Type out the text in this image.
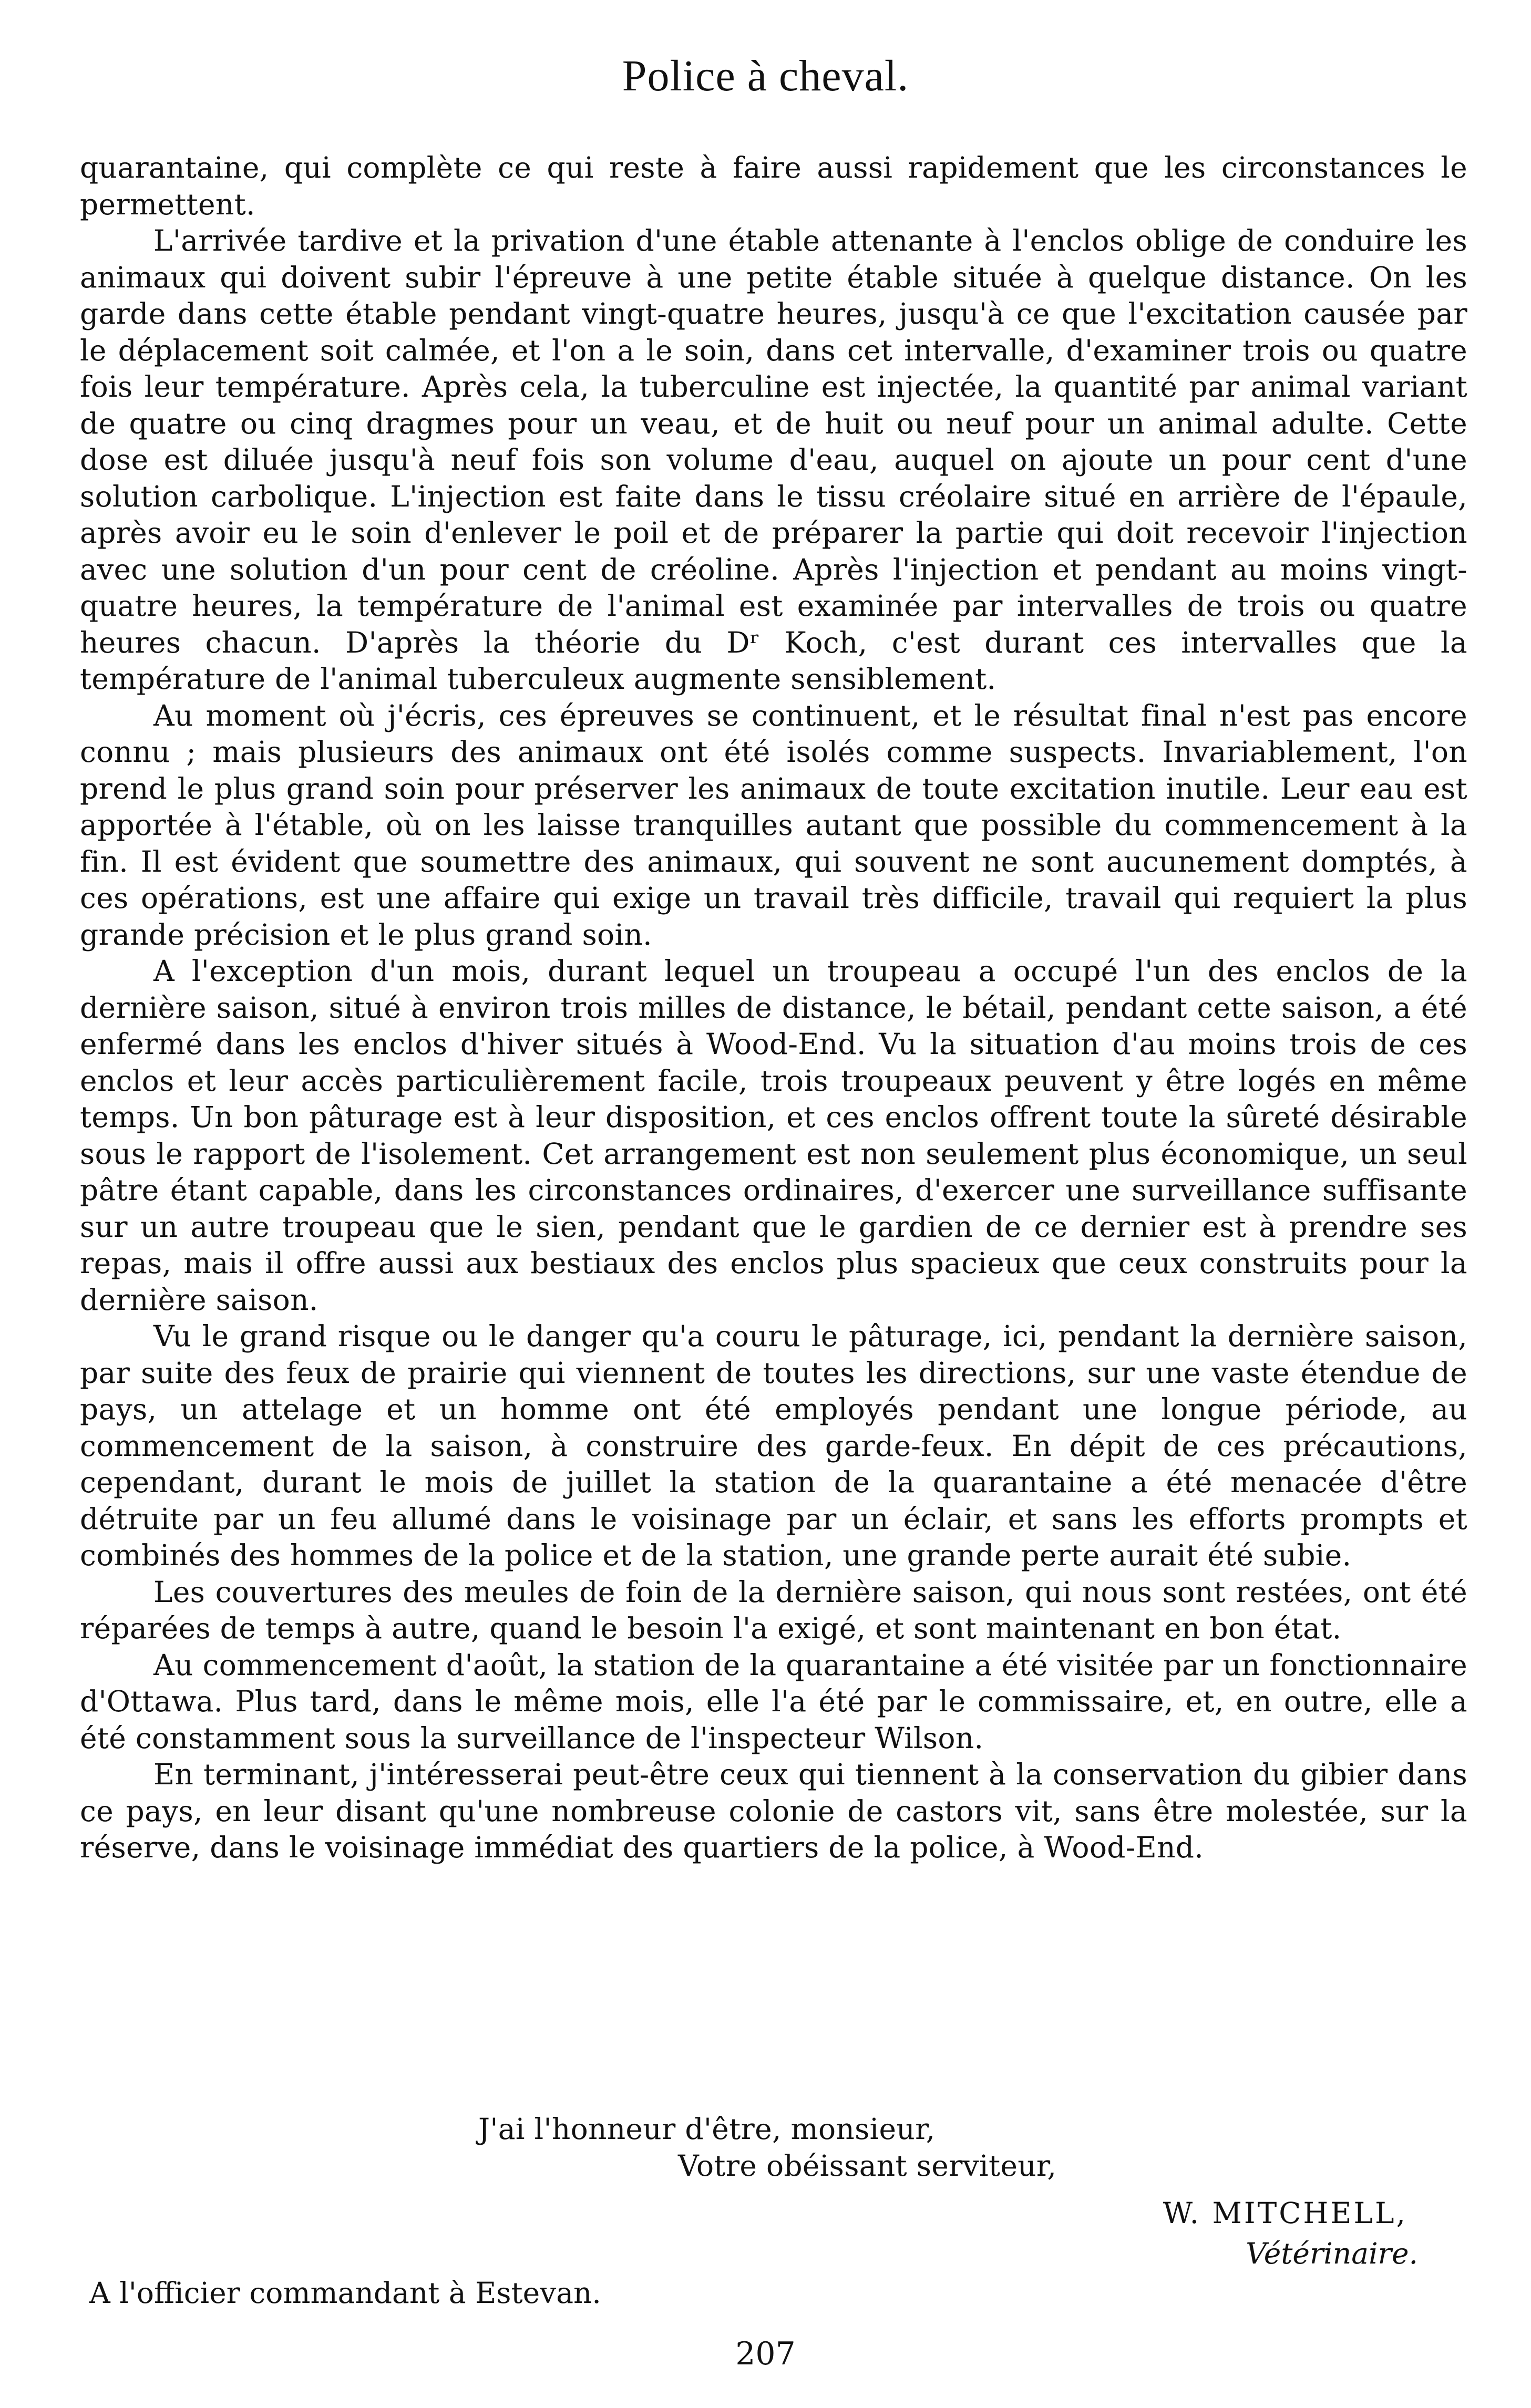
Police à cheval.

quarantaine, qui complète ce qui reste à faire aussi rapidement que les circonstances le permettent.

L'arrivée tardive et la privation d'une étable attenante à l'enclos oblige de conduire les animaux qui doivent subir l'épreuve à une petite étable située à quelque distance. On les garde dans cette étable pendant vingt-quatre heures, jusqu'à ce que l'excitation causée par le déplacement soit calmée, et l'on a le soin, dans cet intervalle, d'examiner trois ou quatre fois leur température. Après cela, la tuberculine est injectée, la quantité par animal variant de quatre ou cinq dragmes pour un veau, et de huit ou neuf pour un animal adulte. Cette dose est diluée jusqu'à neuf fois son volume d'eau, auquel on ajoute un pour cent d'une solution carbolique. L'injection est faite dans le tissu créolaire situé en arrière de l'épaule, après avoir eu le soin d'enlever le poil et de préparer la partie qui doit recevoir l'injection avec une solution d'un pour cent de créoline. Après l'injection et pendant au moins vingt-quatre heures, la température de l'animal est examinée par intervalles de trois ou quatre heures chacun. D'après la théorie du Dʳ Koch, c'est durant ces intervalles que la température de l'animal tuberculeux augmente sensiblement.

Au moment où j'écris, ces épreuves se continuent, et le résultat final n'est pas encore connu ; mais plusieurs des animaux ont été isolés comme suspects. Invariablement, l'on prend le plus grand soin pour préserver les animaux de toute excitation inutile. Leur eau est apportée à l'étable, où on les laisse tranquilles autant que possible du commencement à la fin. Il est évident que soumettre des animaux, qui souvent ne sont aucunement domptés, à ces opérations, est une affaire qui exige un travail très difficile, travail qui requiert la plus grande précision et le plus grand soin.

A l'exception d'un mois, durant lequel un troupeau a occupé l'un des enclos de la dernière saison, situé à environ trois milles de distance, le bétail, pendant cette saison, a été enfermé dans les enclos d'hiver situés à Wood-End. Vu la situation d'au moins trois de ces enclos et leur accès particulièrement facile, trois troupeaux peuvent y être logés en même temps. Un bon pâturage est à leur disposition, et ces enclos offrent toute la sûreté désirable sous le rapport de l'isolement. Cet arrangement est non seulement plus économique, un seul pâtre étant capable, dans les circonstances ordinaires, d'exercer une surveillance suffisante sur un autre troupeau que le sien, pendant que le gardien de ce dernier est à prendre ses repas, mais il offre aussi aux bestiaux des enclos plus spacieux que ceux construits pour la dernière saison.

Vu le grand risque ou le danger qu'a couru le pâturage, ici, pendant la dernière saison, par suite des feux de prairie qui viennent de toutes les directions, sur une vaste étendue de pays, un attelage et un homme ont été employés pendant une longue période, au commencement de la saison, à construire des garde-feux. En dépit de ces précautions, cependant, durant le mois de juillet la station de la quarantaine a été menacée d'être détruite par un feu allumé dans le voisinage par un éclair, et sans les efforts prompts et combinés des hommes de la police et de la station, une grande perte aurait été subie.

Les couvertures des meules de foin de la dernière saison, qui nous sont restées, ont été réparées de temps à autre, quand le besoin l'a exigé, et sont maintenant en bon état.

Au commencement d'août, la station de la quarantaine a été visitée par un fonctionnaire d'Ottawa. Plus tard, dans le même mois, elle l'a été par le commissaire, et, en outre, elle a été constamment sous la surveillance de l'inspecteur Wilson.

En terminant, j'intéresserai peut-être ceux qui tiennent à la conservation du gibier dans ce pays, en leur disant qu'une nombreuse colonie de castors vit, sans être molestée, sur la réserve, dans le voisinage immédiat des quartiers de la police, à Wood-End.

J'ai l'honneur d'être, monsieur,
Votre obéissant serviteur,
W. MITCHELL,
Vétérinaire.
A l'officier commandant à Estevan.
207
